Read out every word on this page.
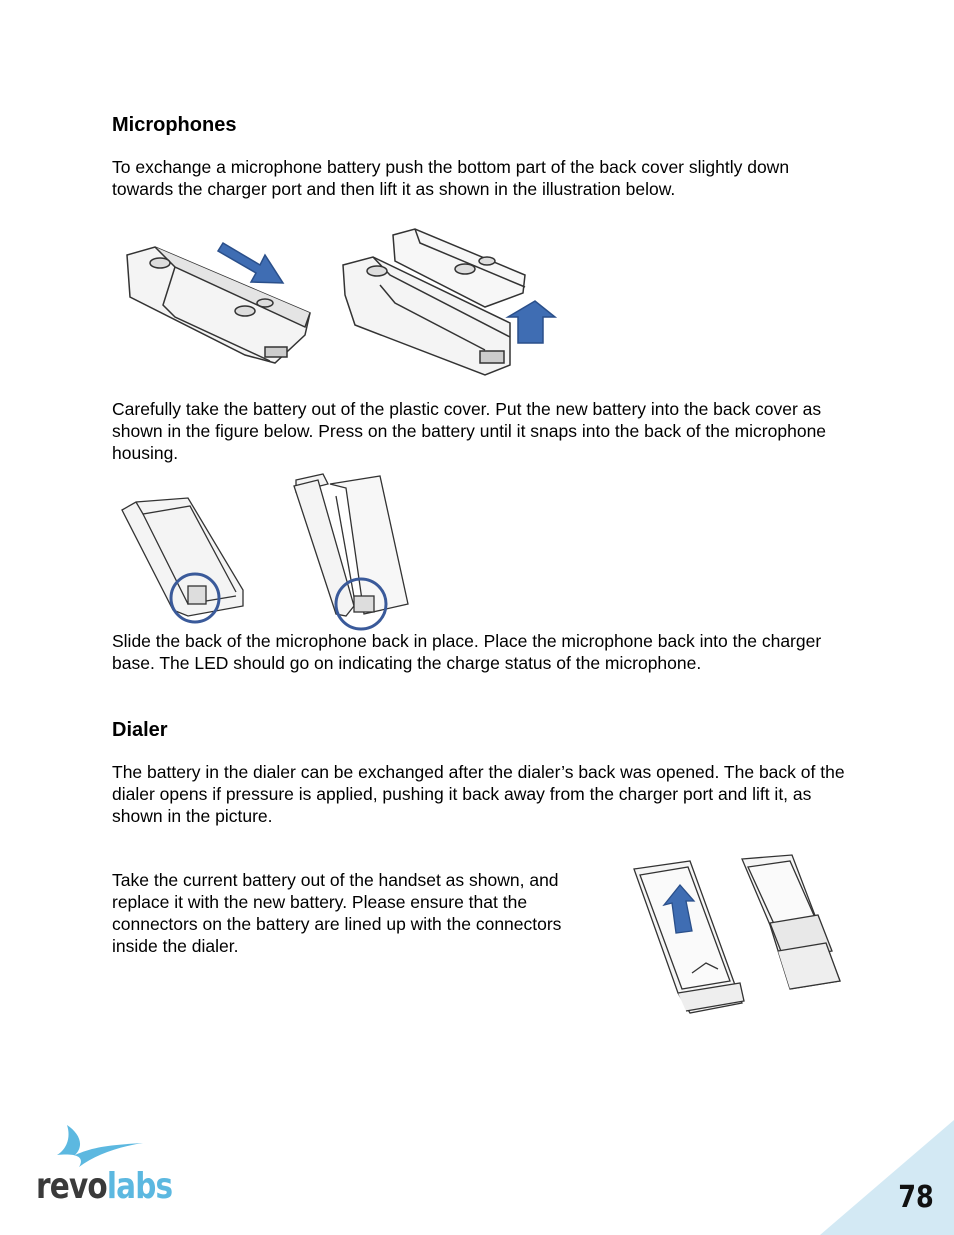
Microphones

To exchange a microphone battery push the bottom part of the back cover slightly down towards the charger port and then lift it as shown in the illustration below.

Carefully take the battery out of the plastic cover. Put the new battery into the back cover as shown in the figure below. Press on the battery until it snaps into the back of the microphone housing.

Slide the back of the microphone back in place. Place the microphone back into the charger base. The LED should go on indicating the charge status of the microphone.

Dialer

The battery in the dialer can be exchanged after the dialer’s back was opened. The back of the dialer opens if pressure is applied, pushing it back away from the charger port and lift it, as shown in the picture.

Take the current battery out of the handset as shown, and replace it with the new battery. Please ensure that the connectors on the battery are lined up with the connectors inside the dialer.

revolabs	78
